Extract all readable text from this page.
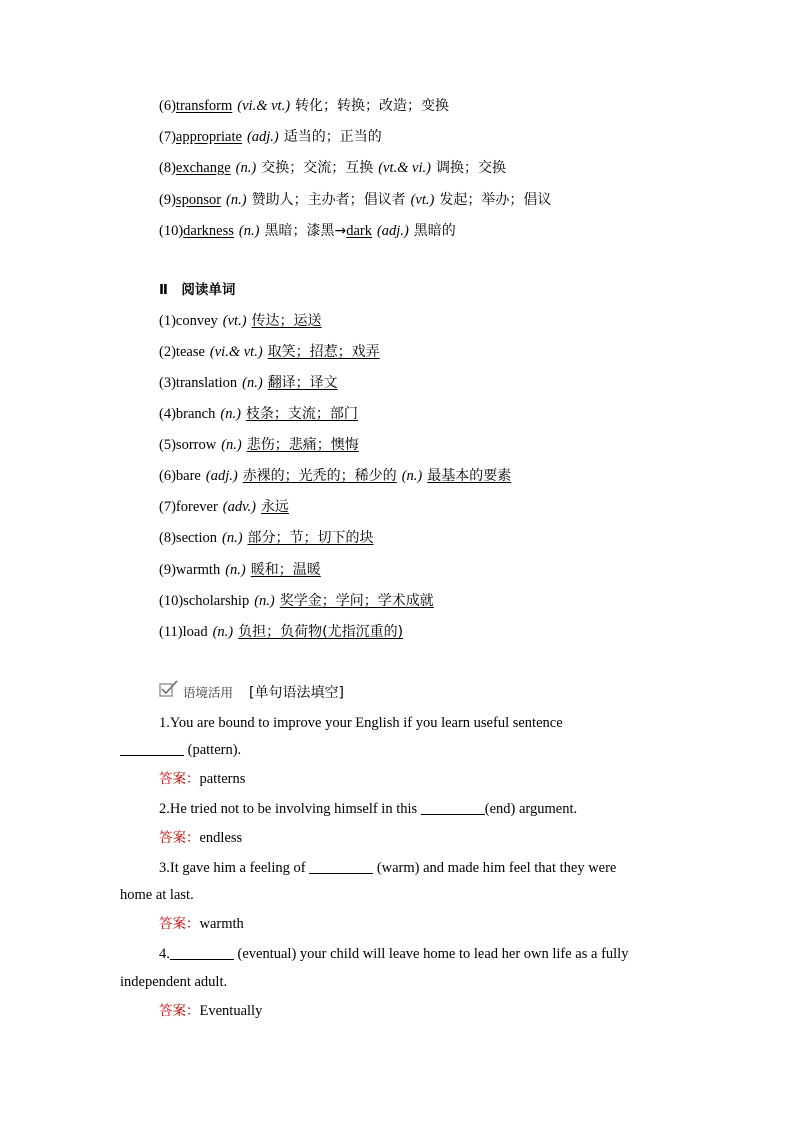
(6)transform (vi.& vt.) 转化；转换；改造；变换
(7)appropriate (adj.) 适当的；正当的
(8)exchange (n.) 交换；交流；互换 (vt.& vi.) 调换；交换
(9)sponsor (n.) 赞助人；主办者；倡议者 (vt.) 发起；举办；倡议
(10)darkness (n.) 黑暗；漆黑→dark (adj.) 黑暗的
Ⅱ　阅读单词
(1)convey (vt.) 传达；运送
(2)tease (vi.& vt.) 取笑；招惹；戏弄
(3)translation (n.) 翻译；译文
(4)branch (n.) 枝条；支流；部门
(5)sorrow (n.) 悲伤；悲痛；懊悔
(6)bare (adj.) 赤裸的；光秃的；稀少的 (n.) 最基本的要素
(7)forever (adv.) 永远
(8)section (n.) 部分；节；切下的块
(9)warmth (n.) 暖和；温暖
(10)scholarship (n.) 奖学金；学问；学术成就
(11)load (n.) 负担；负荷物(尤指沉重的)
语境活用 [单句语法填空]
1.You are bound to improve your English if you learn useful sentence
(pattern).
答案：patterns
2.He tried not to be involving himself in this	(end) argument.
答案：endless
3.It gave him a feeling of	(warm) and made him feel that they were
home at last.
答案：warmth
4.	(eventual) your child will leave home to lead her own life as a fully
independent adult.
答案：Eventually
